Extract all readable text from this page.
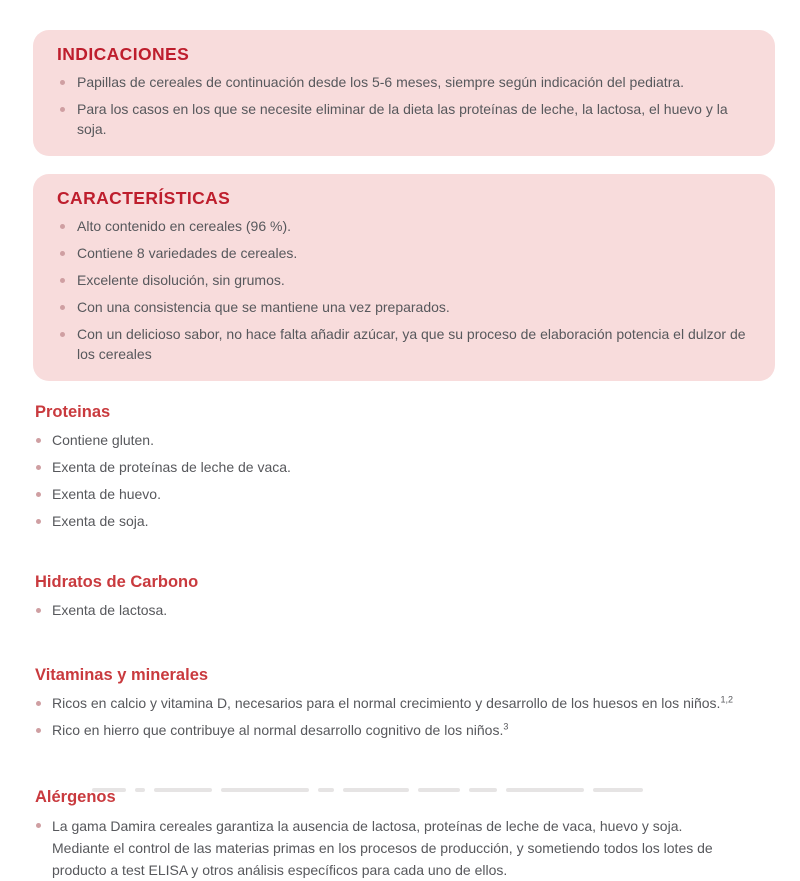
INDICACIONES
Papillas de cereales de continuación desde los 5-6 meses, siempre según indicación del pediatra.
Para los casos en los que se necesite eliminar de la dieta las proteínas de leche, la lactosa, el huevo y la soja.
CARACTERÍSTICAS
Alto contenido en cereales (96 %).
Contiene 8 variedades de cereales.
Excelente disolución, sin grumos.
Con una consistencia que se mantiene una vez preparados.
Con un delicioso sabor, no hace falta añadir azúcar, ya que su proceso de elaboración potencia el dulzor de los cereales
Proteinas
Contiene gluten.
Exenta de proteínas de leche de vaca.
Exenta de huevo.
Exenta de soja.
Hidratos de Carbono
Exenta de lactosa.
Vitaminas y minerales
Ricos en calcio y vitamina D, necesarios para el normal crecimiento y desarrollo de los huesos en los niños.$^{1,2}$
Rico en hierro que contribuye al normal desarrollo cognitivo de los niños.$^3$
Alérgenos
La gama Damira cereales garantiza la ausencia de lactosa, proteínas de leche de vaca, huevo y soja.
Mediante el control de las materias primas en los procesos de producción, y sometiendo todos los lotes de producto a test ELISA y otros análisis específicos para cada uno de ellos.
